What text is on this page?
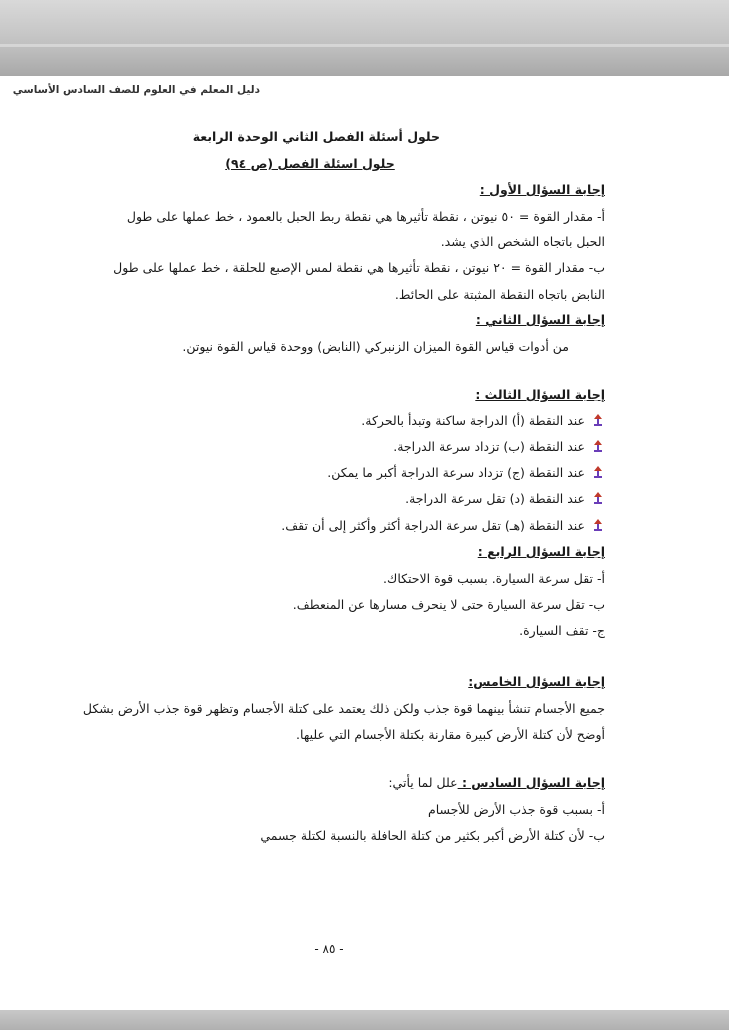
دليل المعلم في العلوم للصف السادس الأساسي
حلول أسئلة الفصل الثاني الوحدة الرابعة
حلول اسئلة الفصل (ص ٩٤)
إجابة السؤال الأول :
أ- مقدار القوة = ٥٠ نيوتن ، نقطة تأثيرها هي نقطة ربط الحبل بالعمود ، خط عملها على طول
الحبل باتجاه الشخص الذي يشد.
ب- مقدار القوة = ٢٠ نيوتن ، نقطة تأثيرها هي نقطة لمس الإصبع للحلقة ، خط عملها على طول
النابض باتجاه النقطة المثبتة على الحائط.
إجابة السؤال الثاني :
من أدوات قياس القوة الميزان الزنبركي (النابض) ووحدة قياس القوة نيوتن.
إجابة السؤال الثالث :
عند النقطة (أ) الدراجة ساكنة وتبدأ بالحركة.
عند النقطة (ب) تزداد سرعة الدراجة.
عند النقطة (ج) تزداد سرعة الدراجة أكبر ما يمكن.
عند النقطة (د) تقل سرعة الدراجة.
عند النقطة (هـ) تقل سرعة الدراجة أكثر وأكثر إلى أن تقف.
إجابة السؤال الرابع :
أ- تقل سرعة السيارة. بسبب قوة الاحتكاك.
ب- تقل سرعة السيارة حتى لا ينحرف مسارها عن المنعطف.
ج- تقف السيارة.
إجابة السؤال الخامس:
جميع الأجسام تنشأ بينهما قوة جذب ولكن ذلك يعتمد على كتلة الأجسام وتظهر قوة جذب الأرض بشكل
أوضح لأن كتلة الأرض كبيرة مقارنة بكتلة الأجسام التي عليها.
إجابة السؤال السادس : علل لما يأتي:
أ- بسبب قوة جذب الأرض للأجسام
ب- لأن كتلة الأرض أكبر بكثير من كتلة الحافلة بالنسبة لكتلة جسمي
- ٨٥ -
